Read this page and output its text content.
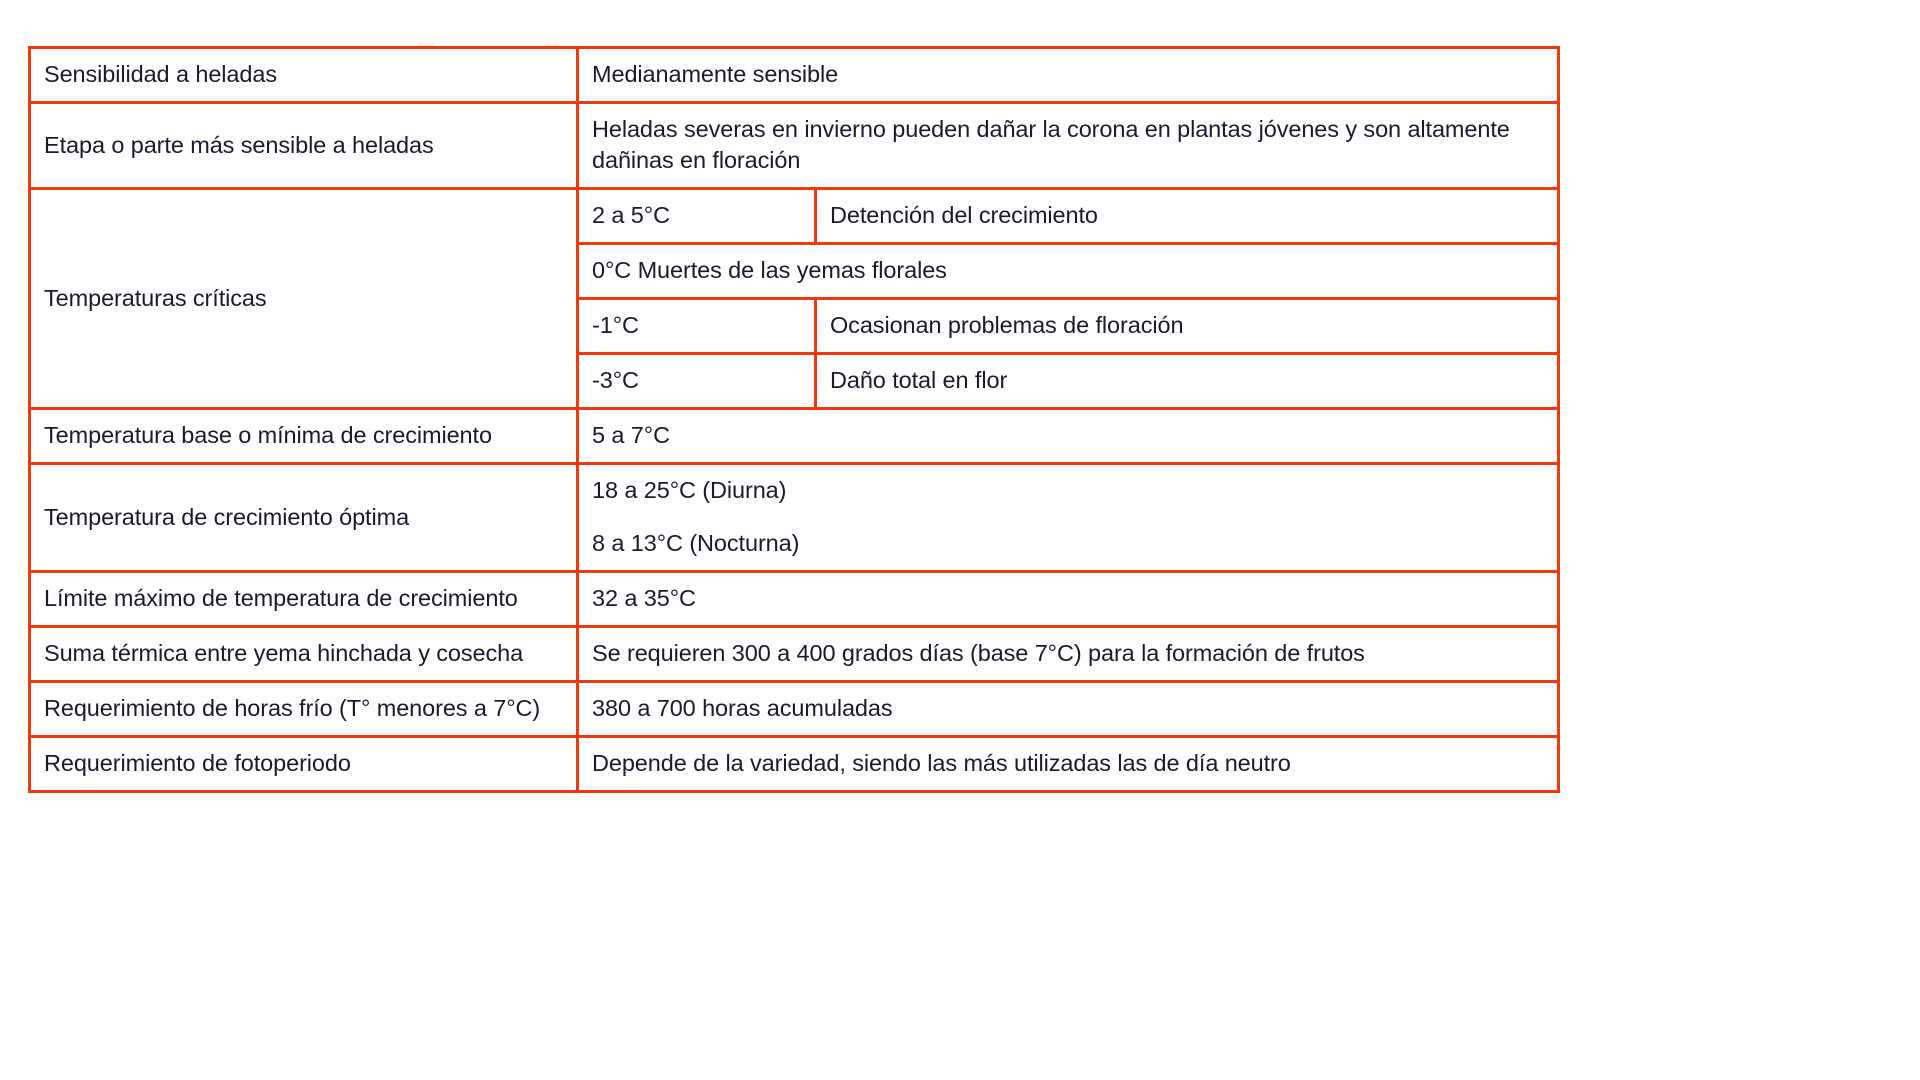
Sensibilidad a heladas	Medianamente sensible	
Etapa o parte más sensible a heladas	Heladas severas en invierno pueden dañar la corona en plantas jóvenes y son altamente dañinas en floración	
Temperaturas críticas	2 a 5°C	Detención del crecimiento
	0°C Muertes de las yemas florales	
	-1°C	Ocasionan problemas de floración
	-3°C	Daño total en flor
Temperatura base o mínima de crecimiento	5 a 7°C	
Temperatura de crecimiento óptima	18 a 25°C (Diurna)
8 a 13°C (Nocturna)	

Límite máximo de temperatura de crecimiento	32 a 35°C	
Suma térmica entre yema hinchada y cosecha	Se requieren 300 a 400 grados días (base 7°C) para la formación de frutos	
Requerimiento de horas frío (T° menores a 7°C)	380 a 700 horas acumuladas	
Requerimiento de fotoperiodo	Depende de la variedad, siendo las más utilizadas las de día neutro	
